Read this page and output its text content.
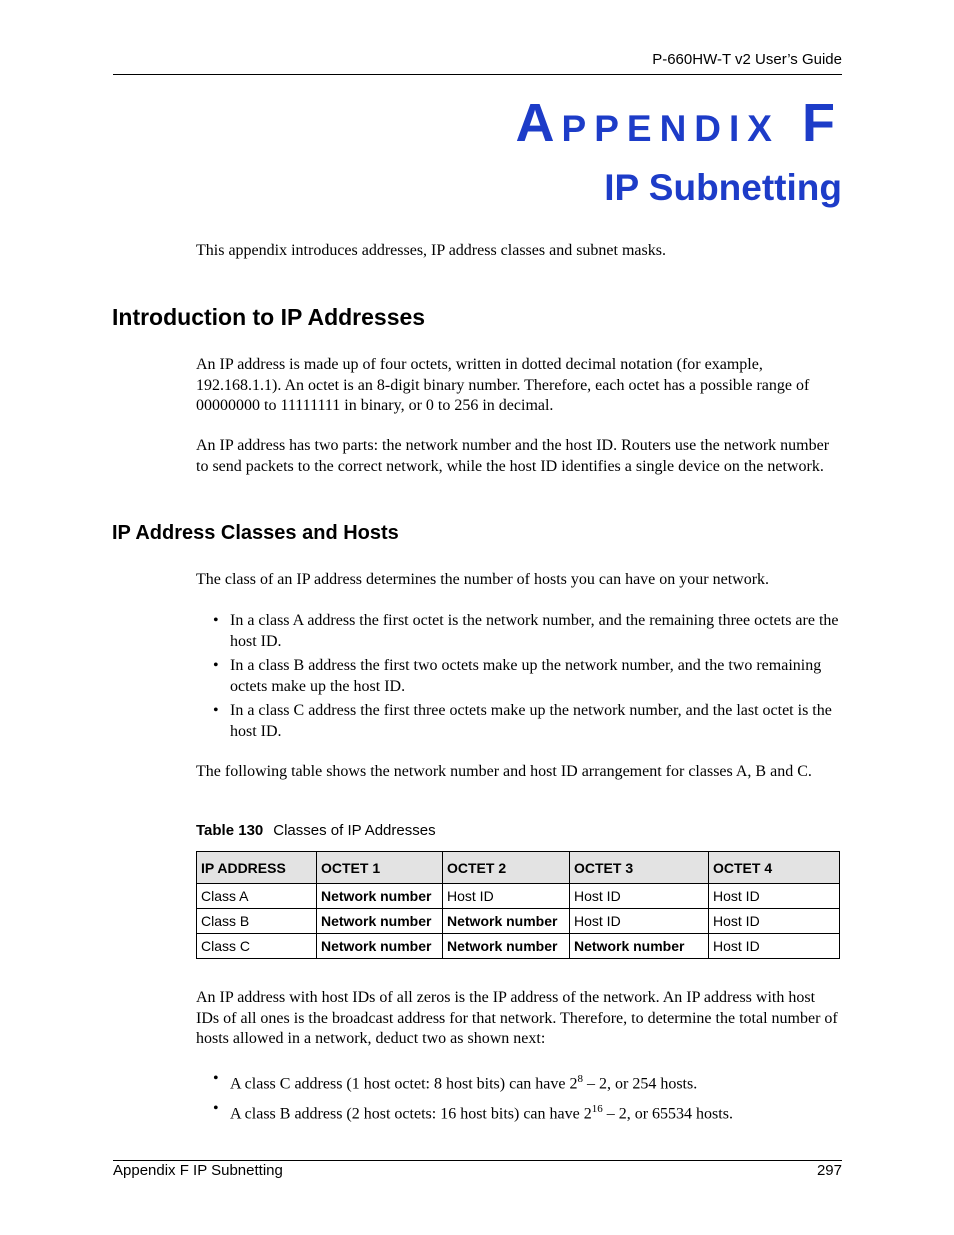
P-660HW-T v2 User’s Guide
APPENDIX F
IP Subnetting
This appendix introduces addresses, IP address classes and subnet masks.
Introduction to IP Addresses
An IP address is made up of four octets, written in dotted decimal notation (for example, 192.168.1.1). An octet is an 8-digit binary number. Therefore, each octet has a possible range of 00000000 to 11111111 in binary, or 0 to 256 in decimal.
An IP address has two parts: the network number and the host ID. Routers use the network number to send packets to the correct network, while the host ID identifies a single device on the network.
IP Address Classes and Hosts
The class of an IP address determines the number of hosts you can have on your network.
• In a class A address the first octet is the network number, and the remaining three octets are the host ID.
• In a class B address the first two octets make up the network number, and the two remaining octets make up the host ID.
• In a class C address the first three octets make up the network number, and the last octet is the host ID.
The following table shows the network number and host ID arrangement for classes A, B and C.
Table 130 Classes of IP Addresses
IP ADDRESS	OCTET 1	OCTET 2	OCTET 3	OCTET 4
Class A	Network number	Host ID	Host ID	Host ID
Class B	Network number	Network number	Host ID	Host ID
Class C	Network number	Network number	Network number	Host ID
An IP address with host IDs of all zeros is the IP address of the network. An IP address with host IDs of all ones is the broadcast address for that network. Therefore, to determine the total number of hosts allowed in a network, deduct two as shown next:
• A class C address (1 host octet: 8 host bits) can have $2^8 - 2$, or 254 hosts.
• A class B address (2 host octets: 16 host bits) can have $2^{16} - 2$, or 65534 hosts.
Appendix F IP Subnetting	297
